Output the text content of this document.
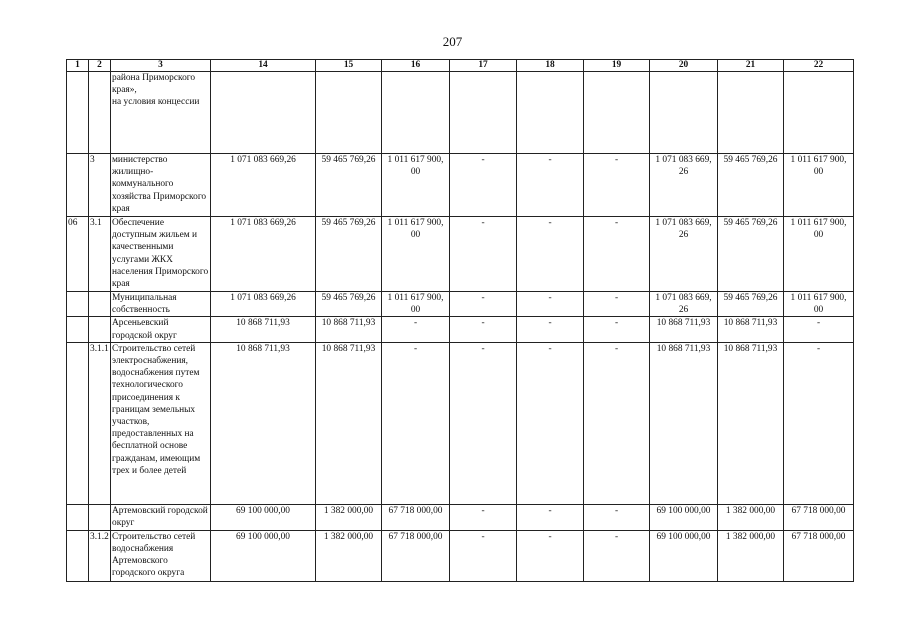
207
1	2	3	14	15	16	17	18	19	20	21	22
		района Приморского края»,
на условия концессии									
	3	министерство жилищно-коммунального хозяйства Приморского края	1 071 083 669,26	59 465 769,26	1 011 617 900, 00	-	-	-	1 071 083 669, 26	59 465 769,26	1 011 617 900, 00
06	3.1	Обеспечение доступным жильем и качественными услугами ЖКХ населения Приморского края	1 071 083 669,26	59 465 769,26	1 011 617 900, 00	-	-	-	1 071 083 669, 26	59 465 769,26	1 011 617 900, 00
		Муниципальная собственность	1 071 083 669,26	59 465 769,26	1 011 617 900, 00	-	-	-	1 071 083 669, 26	59 465 769,26	1 011 617 900, 00
		Арсеньевский городской округ	10 868 711,93	10 868 711,93	-	-	-	-	10 868 711,93	10 868 711,93	-
	3.1.1	Строительство сетей электроснабжения, водоснабжения путем технологического присоединения к границам земельных участков, предоставленных на бесплатной основе гражданам, имеющим трех и более детей	10 868 711,93	10 868 711,93	-	-	-	-	10 868 711,93	10 868 711,93	-
		Артемовский городской округ	69 100 000,00	1 382 000,00	67 718 000,00	-	-	-	69 100 000,00	1 382 000,00	67 718 000,00
	3.1.2	Строительство сетей водоснабжения Артемовского городского округа	69 100 000,00	1 382 000,00	67 718 000,00	-	-	-	69 100 000,00	1 382 000,00	67 718 000,00
